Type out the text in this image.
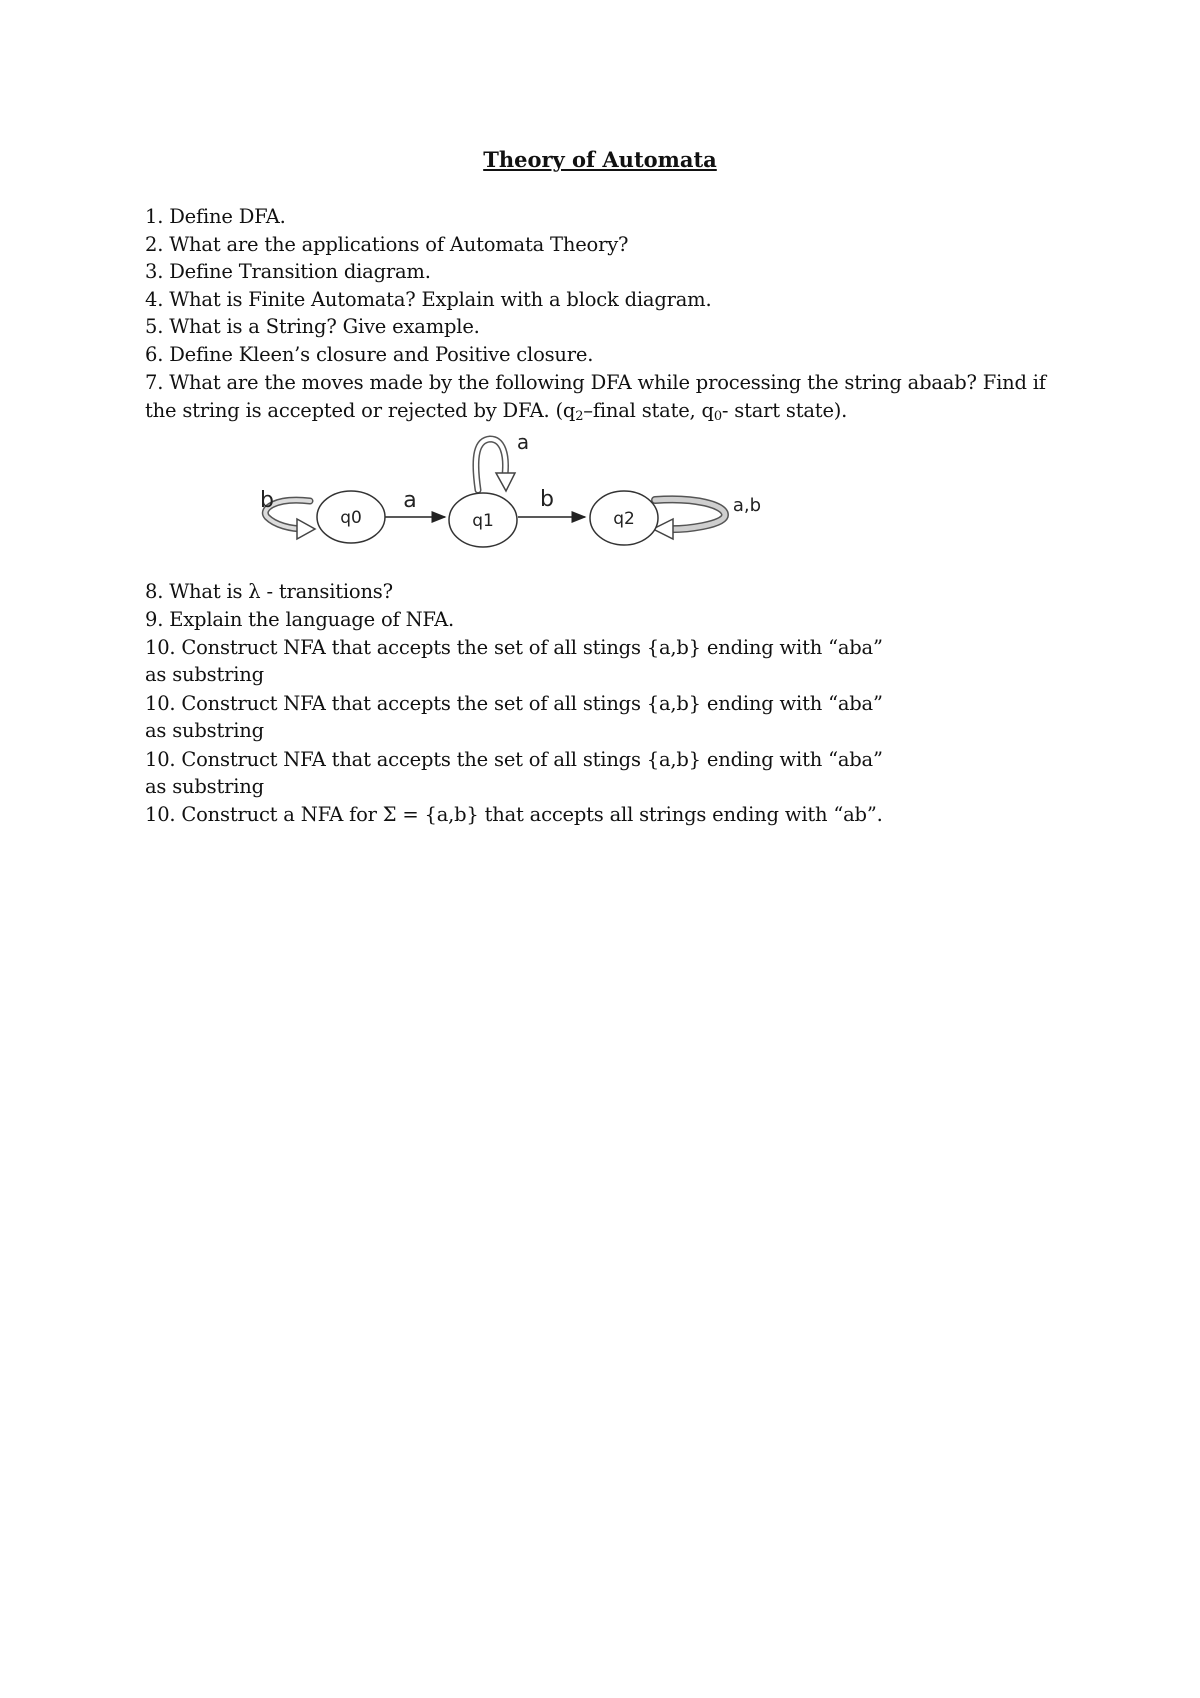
Theory of Automata
1. Define DFA.
2. What are the applications of Automata Theory?
3. Define Transition diagram.
4. What is Finite Automata? Explain with a block diagram.
5. What is a String? Give example.
6. Define Kleen’s closure and Positive closure.
7. What are the moves made by the following DFA while processing the string abaab? Find if
the string is accepted or rejected by DFA. ($q_2$–final state, $q_0-$ start state).
q0	q1	q2
a	b
b
a
a,b
8. What is λ - transitions?
9. Explain the language of NFA.
10. Construct NFA that accepts the set of all stings {a,b} ending with “aba”
as substring
10. Construct NFA that accepts the set of all stings {a,b} ending with “aba”
as substring
10. Construct NFA that accepts the set of all stings {a,b} ending with “aba”
as substring
10. Construct a NFA for Σ = {a,b} that accepts all strings ending with “ab”.
